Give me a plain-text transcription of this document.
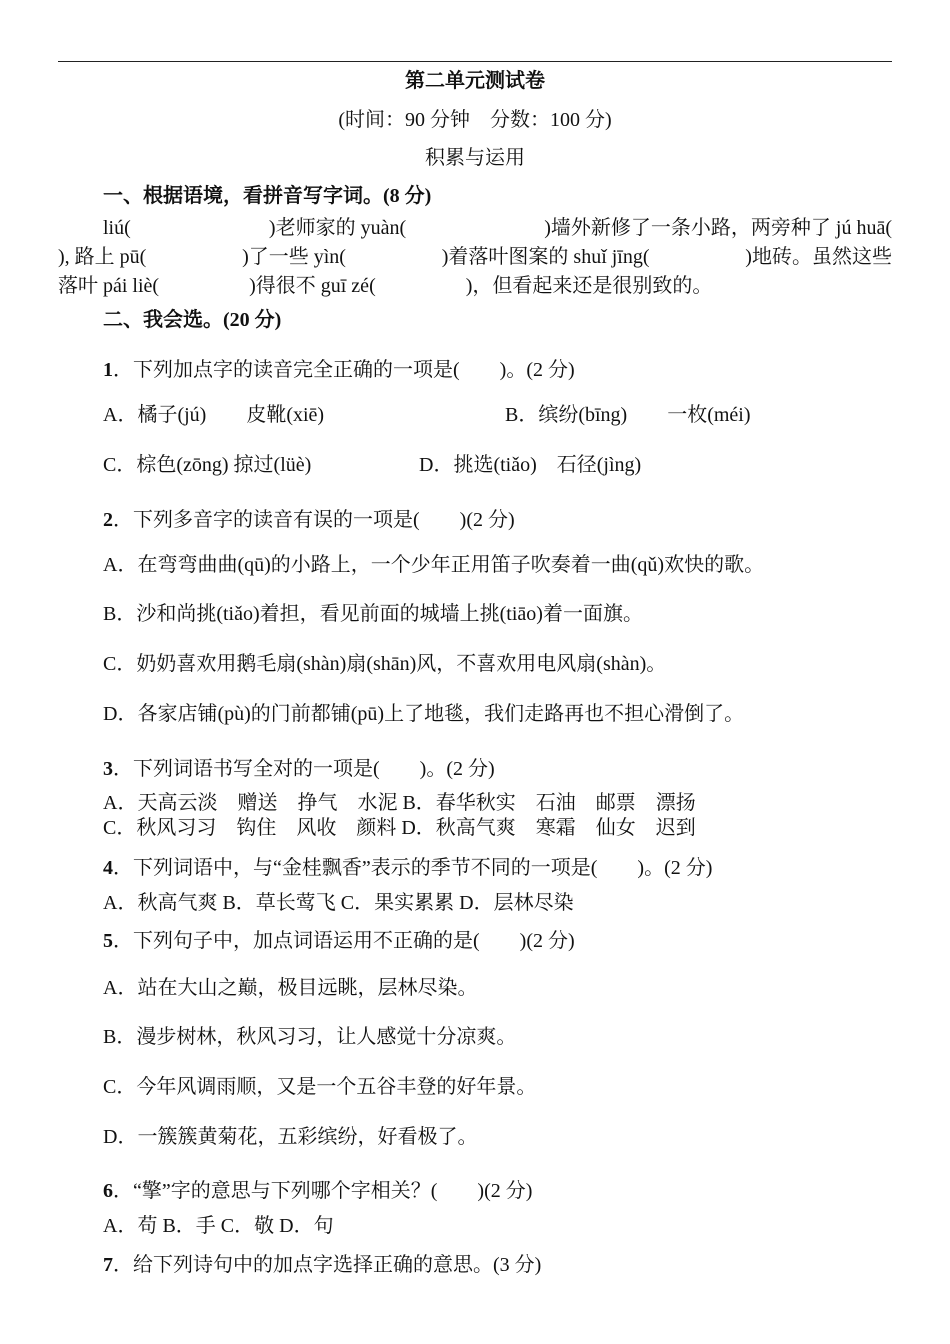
第二单元测试卷
(时间：90 分钟　分数：100 分)
积累与运用
一、根据语境，看拼音写字词。(8 分)
liú(	)老师家的 yuàn(	)墙外新修了一条小路，两旁种了 jú huā(
), 路上 pū(	)了一些 yìn(	)着落叶图案的 shuǐ jīng(	)地砖。虽然这些
落叶 pái liè(	)得很不 guī zé(	)，但看起来还是很别致的。
二、我会选。(20 分)
1．下列加点字的读音完全正确的一项是(　　)。(2 分)
A．橘子(jú)　　皮靴(xiē)	B．缤纷(bīng)　　一枚(méi)
C．棕色(zōng) 掠过(lüè)	D．挑选(tiǎo)　石径(jìng)
2．下列多音字的读音有误的一项是(　　)(2 分)
A．在弯弯曲曲(qū)的小路上，一个少年正用笛子吹奏着一曲(qǔ)欢快的歌。
B．沙和尚挑(tiǎo)着担，看见前面的城墙上挑(tiāo)着一面旗。
C．奶奶喜欢用鹅毛扇(shàn)扇(shān)风，不喜欢用电风扇(shàn)。
D．各家店铺(pù)的门前都铺(pū)上了地毯，我们走路再也不担心滑倒了。
3．下列词语书写全对的一项是(　　)。(2 分)
A．天高云淡　赠送　挣气　水泥 B．春华秋实　石油　邮票　漂扬
C．秋风习习　钩住　风收　颜料 D．秋高气爽　寒霜　仙女　迟到
4．下列词语中，与“金桂飘香”表示的季节不同的一项是(　　)。(2 分)
A．秋高气爽 B．草长莺飞 C．果实累累 D．层林尽染
5．下列句子中，加点词语运用不正确的是(　　)(2 分)
A．站在大山之巅，极目远眺，层林尽染。
B．漫步树林，秋风习习，让人感觉十分凉爽。
C．今年风调雨顺，又是一个五谷丰登的好年景。
D．一簇簇黄菊花，五彩缤纷，好看极了。
6．“擎”字的意思与下列哪个字相关？(　　)(2 分)
A．苟 B．手 C．敬 D．句
7．给下列诗句中的加点字选择正确的意思。(3 分)
